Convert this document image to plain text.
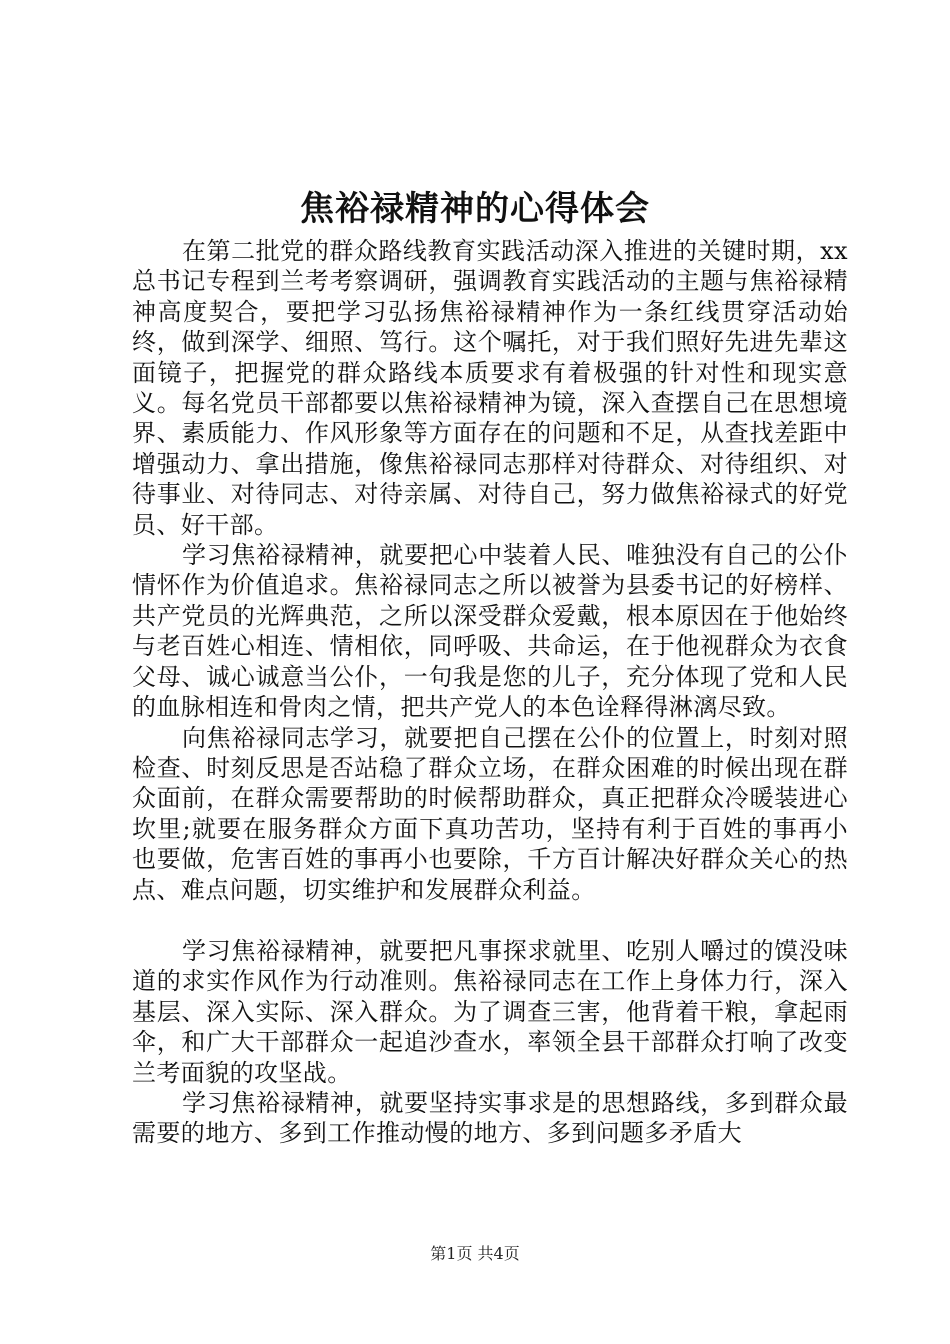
焦裕禄精神的心得体会

在第二批党的群众路线教育实践活动深入推进的关键时期，xx总书记专程到兰考考察调研，强调教育实践活动的主题与焦裕禄精神高度契合，要把学习弘扬焦裕禄精神作为一条红线贯穿活动始终，做到深学、细照、笃行。这个嘱托，对于我们照好先进先辈这面镜子，把握党的群众路线本质要求有着极强的针对性和现实意义。每名党员干部都要以焦裕禄精神为镜，深入查摆自己在思想境界、素质能力、作风形象等方面存在的问题和不足，从查找差距中增强动力、拿出措施，像焦裕禄同志那样对待群众、对待组织、对待事业、对待同志、对待亲属、对待自己，努力做焦裕禄式的好党员、好干部。

学习焦裕禄精神，就要把心中装着人民、唯独没有自己的公仆情怀作为价值追求。焦裕禄同志之所以被誉为县委书记的好榜样、共产党员的光辉典范，之所以深受群众爱戴，根本原因在于他始终与老百姓心相连、情相依，同呼吸、共命运，在于他视群众为衣食父母、诚心诚意当公仆，一句我是您的儿子，充分体现了党和人民的血脉相连和骨肉之情，把共产党人的本色诠释得淋漓尽致。

向焦裕禄同志学习，就要把自己摆在公仆的位置上，时刻对照检查、时刻反思是否站稳了群众立场，在群众困难的时候出现在群众面前，在群众需要帮助的时候帮助群众，真正把群众冷暖装进心坎里;就要在服务群众方面下真功苦功，坚持有利于百姓的事再小也要做，危害百姓的事再小也要除，千方百计解决好群众关心的热点、难点问题，切实维护和发展群众利益。

学习焦裕禄精神，就要把凡事探求就里、吃别人嚼过的馍没味道的求实作风作为行动准则。焦裕禄同志在工作上身体力行，深入基层、深入实际、深入群众。为了调查三害，他背着干粮，拿起雨伞，和广大干部群众一起追沙查水，率领全县干部群众打响了改变兰考面貌的攻坚战。

学习焦裕禄精神，就要坚持实事求是的思想路线，多到群众最需要的地方、多到工作推动慢的地方、多到问题多矛盾大

第1页 共4页
